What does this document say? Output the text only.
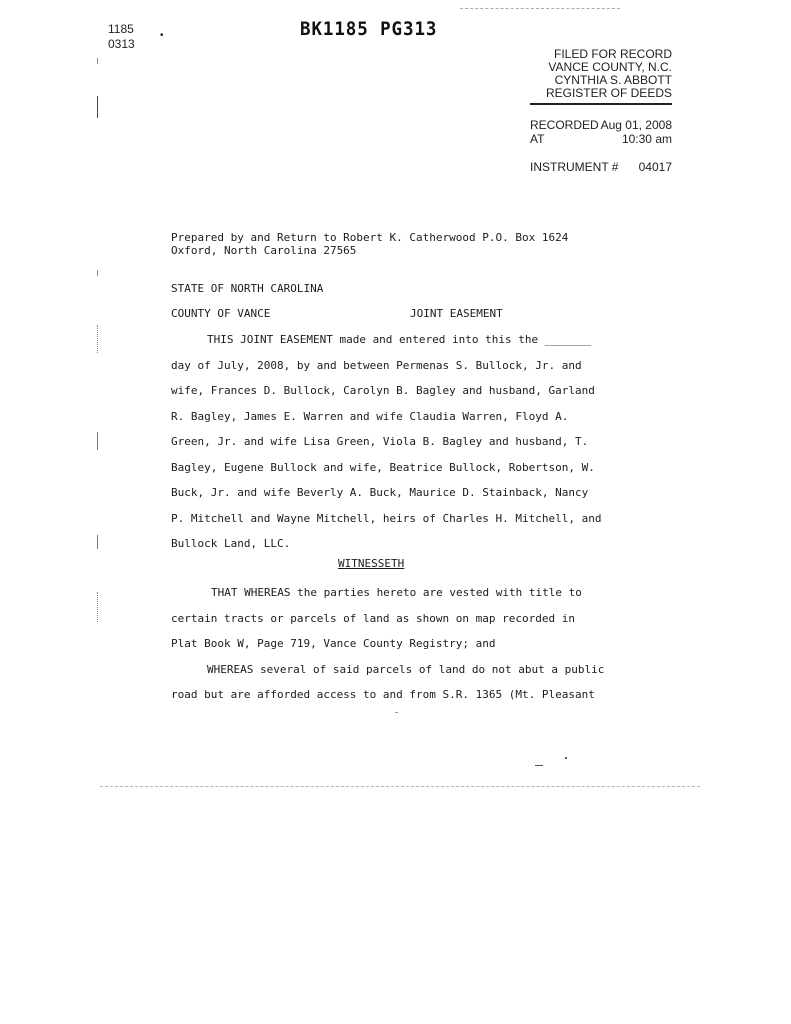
1185
0313
•	BK1185 PG313
FILED FOR RECORD
VANCE COUNTY, N.C.
CYNTHIA S. ABBOTT
REGISTER OF DEEDS
RECORDED Aug 01, 2008
AT	10:30 am
INSTRUMENT # 04017
Prepared by and Return to Robert K. Catherwood P.O. Box 1624
Oxford, North Carolina 27565
STATE OF NORTH CAROLINA
COUNTY OF VANCE	JOINT EASEMENT
THIS JOINT EASEMENT made and entered into this the _______
day of July, 2008, by and between Permenas S. Bullock, Jr. and
wife, Frances D. Bullock, Carolyn B. Bagley and husband, Garland
R. Bagley, James E. Warren and wife Claudia Warren, Floyd A.
Green, Jr. and wife Lisa Green, Viola B. Bagley and husband, T.
Bagley, Eugene Bullock and wife, Beatrice Bullock, Robertson, W.
Buck, Jr. and wife Beverly A. Buck, Maurice D. Stainback, Nancy
P. Mitchell and Wayne Mitchell, heirs of Charles H. Mitchell, and
Bullock Land, LLC.
WITNESSETH
THAT WHEREAS the parties hereto are vested with title to
certain tracts or parcels of land as shown on map recorded in
Plat Book W, Page 719, Vance County Registry; and
WHEREAS several of said parcels of land do not abut a public
road but are afforded access to and from S.R. 1365 (Mt. Pleasant
